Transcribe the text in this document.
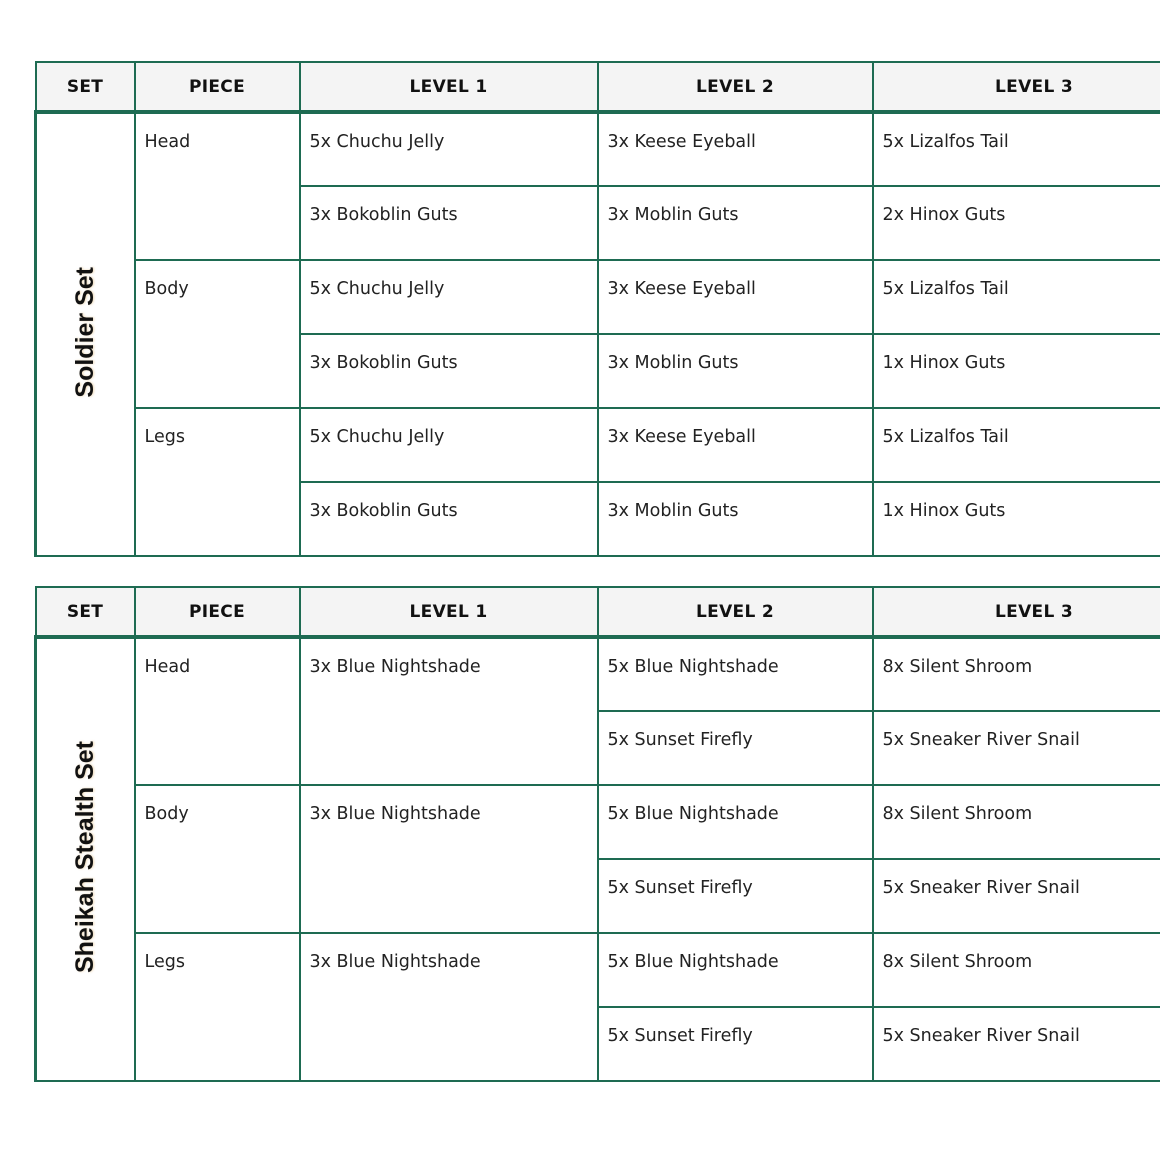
SET	PIECE	LEVEL 1	LEVEL 2	LEVEL 3
Soldier Set	Head	5x Chuchu Jelly	3x Keese Eyeball	5x Lizalfos Tail
		3x Bokoblin Guts	3x Moblin Guts	2x Hinox Guts
	Body	5x Chuchu Jelly	3x Keese Eyeball	5x Lizalfos Tail
		3x Bokoblin Guts	3x Moblin Guts	1x Hinox Guts
	Legs	5x Chuchu Jelly	3x Keese Eyeball	5x Lizalfos Tail
		3x Bokoblin Guts	3x Moblin Guts	1x Hinox Guts
SET	PIECE	LEVEL 1	LEVEL 2	LEVEL 3
Sheikah Stealth Set	Head	3x Blue Nightshade	5x Blue Nightshade	8x Silent Shroom
			5x Sunset Firefly	5x Sneaker River Snail
	Body	3x Blue Nightshade	5x Blue Nightshade	8x Silent Shroom
			5x Sunset Firefly	5x Sneaker River Snail
	Legs	3x Blue Nightshade	5x Blue Nightshade	8x Silent Shroom
			5x Sunset Firefly	5x Sneaker River Snail
